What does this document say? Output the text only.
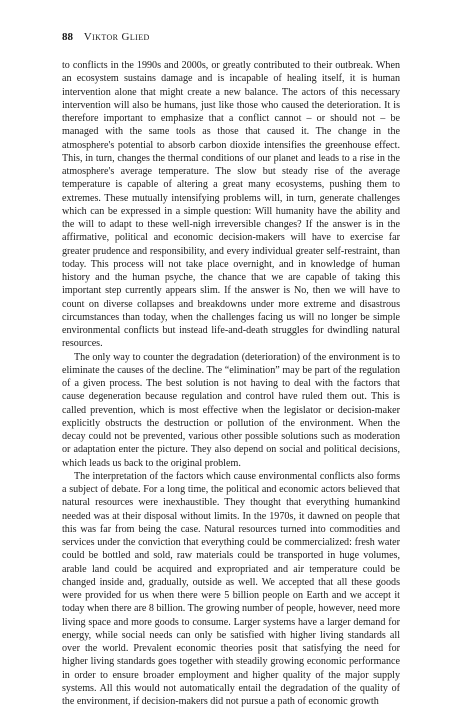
88 Viktor Glied

to conflicts in the 1990s and 2000s, or greatly contributed to their outbreak. When an ecosystem sustains damage and is incapable of healing itself, it is human intervention alone that might create a new balance. The actors of this necessary intervention will also be humans, just like those who caused the deterioration. It is therefore important to emphasize that a conflict cannot – or should not – be managed with the same tools as those that caused it. The change in the atmosphere's potential to absorb carbon dioxide intensifies the greenhouse effect. This, in turn, changes the thermal conditions of our planet and leads to a rise in the atmosphere's average temperature. The slow but steady rise of the average temperature is capable of altering a great many ecosystems, pushing them to extremes. These mutually intensifying problems will, in turn, generate challenges which can be expressed in a simple question: Will humanity have the ability and the will to adapt to these well-nigh irreversible changes? If the answer is in the affirmative, political and economic decision-makers will have to exercise far greater prudence and responsibility, and every individual greater self-restraint, than today. This process will not take place overnight, and in knowledge of human history and the human psyche, the chance that we are capable of taking this important step currently appears slim. If the answer is No, then we will have to count on diverse collapses and breakdowns under more extreme and disastrous circumstances than today, when the challenges facing us will no longer be simple environmental conflicts but instead life-and-death struggles for dwindling natural resources.

The only way to counter the degradation (deterioration) of the environment is to eliminate the causes of the decline. The “elimination” may be part of the regulation of a given process. The best solution is not having to deal with the factors that cause degeneration because regulation and control have ruled them out. This is called prevention, which is most effective when the legislator or decision-maker explicitly obstructs the destruction or pollution of the environment. When the decay could not be prevented, various other possible solutions such as moderation or adaptation enter the picture. They also depend on social and political decisions, which leads us back to the original problem.

The interpretation of the factors which cause environmental conflicts also forms a subject of debate. For a long time, the political and economic actors believed that natural resources were inexhaustible. They thought that everything humankind needed was at their disposal without limits. In the 1970s, it dawned on people that this was far from being the case. Natural resources turned into commodities and services under the conviction that everything could be commercialized: fresh water could be bottled and sold, raw materials could be transported in huge volumes, arable land could be acquired and expropriated and air temperature could be changed inside and, gradually, outside as well. We accepted that all these goods were provided for us when there were 5 billion people on Earth and we accept it today when there are 8 billion. The growing number of people, however, need more living space and more goods to consume. Larger systems have a larger demand for energy, while social needs can only be satisfied with higher living standards all over the world. Prevalent economic theories posit that satisfying the need for higher living standards goes together with steadily growing economic performance in order to ensure broader employment and higher quality of the major supply systems. All this would not automatically entail the degradation of the quality of the environment, if decision-makers did not pursue a path of economic growth
